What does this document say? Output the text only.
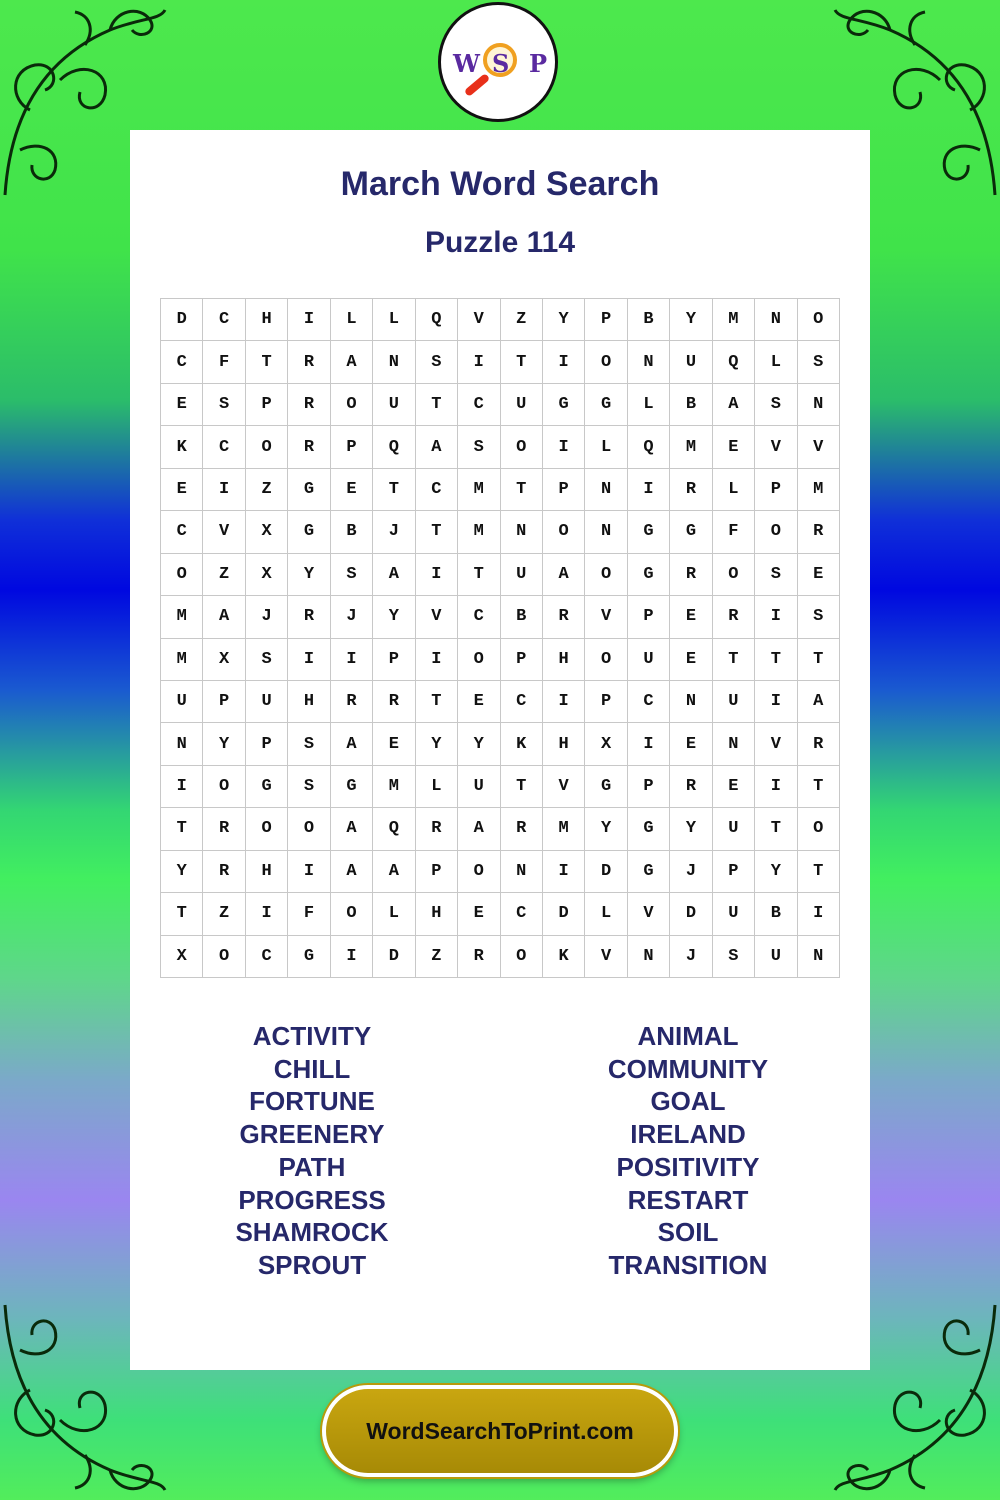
W S P
March Word Search
Puzzle 114
D	C	H	I	L	L	Q	V	Z	Y	P	B	Y	M	N	O
C	F	T	R	A	N	S	I	T	I	O	N	U	Q	L	S
E	S	P	R	O	U	T	C	U	G	G	L	B	A	S	N
K	C	O	R	P	Q	A	S	O	I	L	Q	M	E	V	V
E	I	Z	G	E	T	C	M	T	P	N	I	R	L	P	M
C	V	X	G	B	J	T	M	N	O	N	G	G	F	O	R
O	Z	X	Y	S	A	I	T	U	A	O	G	R	O	S	E
M	A	J	R	J	Y	V	C	B	R	V	P	E	R	I	S
M	X	S	I	I	P	I	O	P	H	O	U	E	T	T	T
U	P	U	H	R	R	T	E	C	I	P	C	N	U	I	A
N	Y	P	S	A	E	Y	Y	K	H	X	I	E	N	V	R
I	O	G	S	G	M	L	U	T	V	G	P	R	E	I	T
T	R	O	O	A	Q	R	A	R	M	Y	G	Y	U	T	O
Y	R	H	I	A	A	P	O	N	I	D	G	J	P	Y	T
T	Z	I	F	O	L	H	E	C	D	L	V	D	U	B	I
X	O	C	G	I	D	Z	R	O	K	V	N	J	S	U	N
ACTIVITY
CHILL
FORTUNE
GREENERY
PATH
PROGRESS
SHAMROCK
SPROUT
ANIMAL
COMMUNITY
GOAL
IRELAND
POSITIVITY
RESTART
SOIL
TRANSITION
WordSearchToPrint.com
